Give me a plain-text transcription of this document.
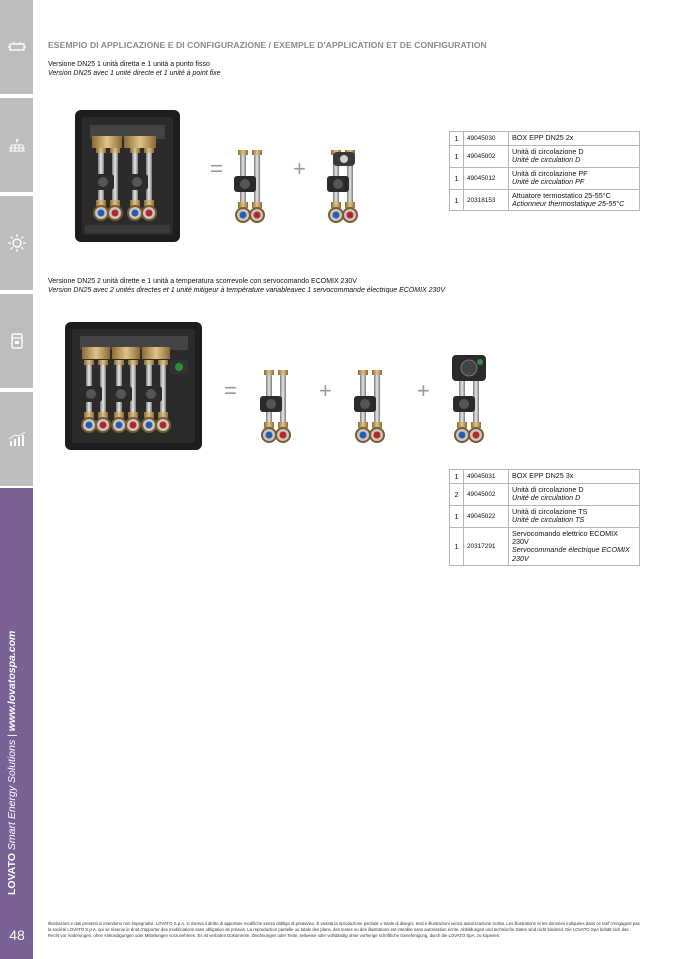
LOVATO Smart Energy Solutions | www.lovatospa.com
48
ESEMPIO DI APPLICAZIONE E DI CONFIGURAZIONE / EXEMPLE D'APPLICATION ET DE CONFIGURATION
Versione DN25 1 unità diretta e 1 unità a punto fisso
Version DN25 avec 1 unité directe et 1 unité à point fixe
=	+
=	+	+
1	49045030	BOX EPP DN25 2x
1	49045002	Unità di circolazione D
Unité de circulation D

1	49045012	Unità di circolazione PF
Unité de circulation PF

1	20318153	Attuatore termostatico 25-55°C
Actionneur thermostatique 25-55°C
Versione DN25 2 unità dirette e 1 unità a temperatura scorrevole con servocomando ECOMIX 230V
Version DN25 avec 2 unités directes et 1 unité mitigeur à température variableavec 1 servocommande électrique ECOMIX 230V
1	49045031	BOX EPP DN25 3x
2	49045002	Unità di circolazione D
Unité de circulation D

1	49045022	Unità di circolazione TS
Unité de circulation TS

1	20317291	Servocomando elettrico ECOMIX 230V
Servocommande électrique ECOMIX 230V
Illustrazioni e dati presenti si intendono non impegnativi. LOVATO S.p.A. si riserva il diritto di apportare modifiche senza obbligo di preavviso. È vietata la riproduzione parziale o totale di disegni, testi e illustrazioni senza autorizzazione scritta. Les illustrations et les données indiquées dans ce tarif n'engagent pas la société LOVATO S.p.A. qui se réserve le droit d'apporter des modifications sans obligation de préavis. La reproduction partielle ou totale des plans, des textes ou des illustrations est interdite sans autorisation écrite. Abbildungen und technische Daten sind nicht bindend. Die LOVATO SpA behält sich das Recht vor Änderungen, ohne Ankündigungen oder Mitteilungen vorzunehmen. Es ist verboten Dokumente, Zeichnungen oder Texte, teilweise oder vollständig ohne vorherige schriftliche Genehmigung, durch die LOVATO SpA, zu kopieren.
